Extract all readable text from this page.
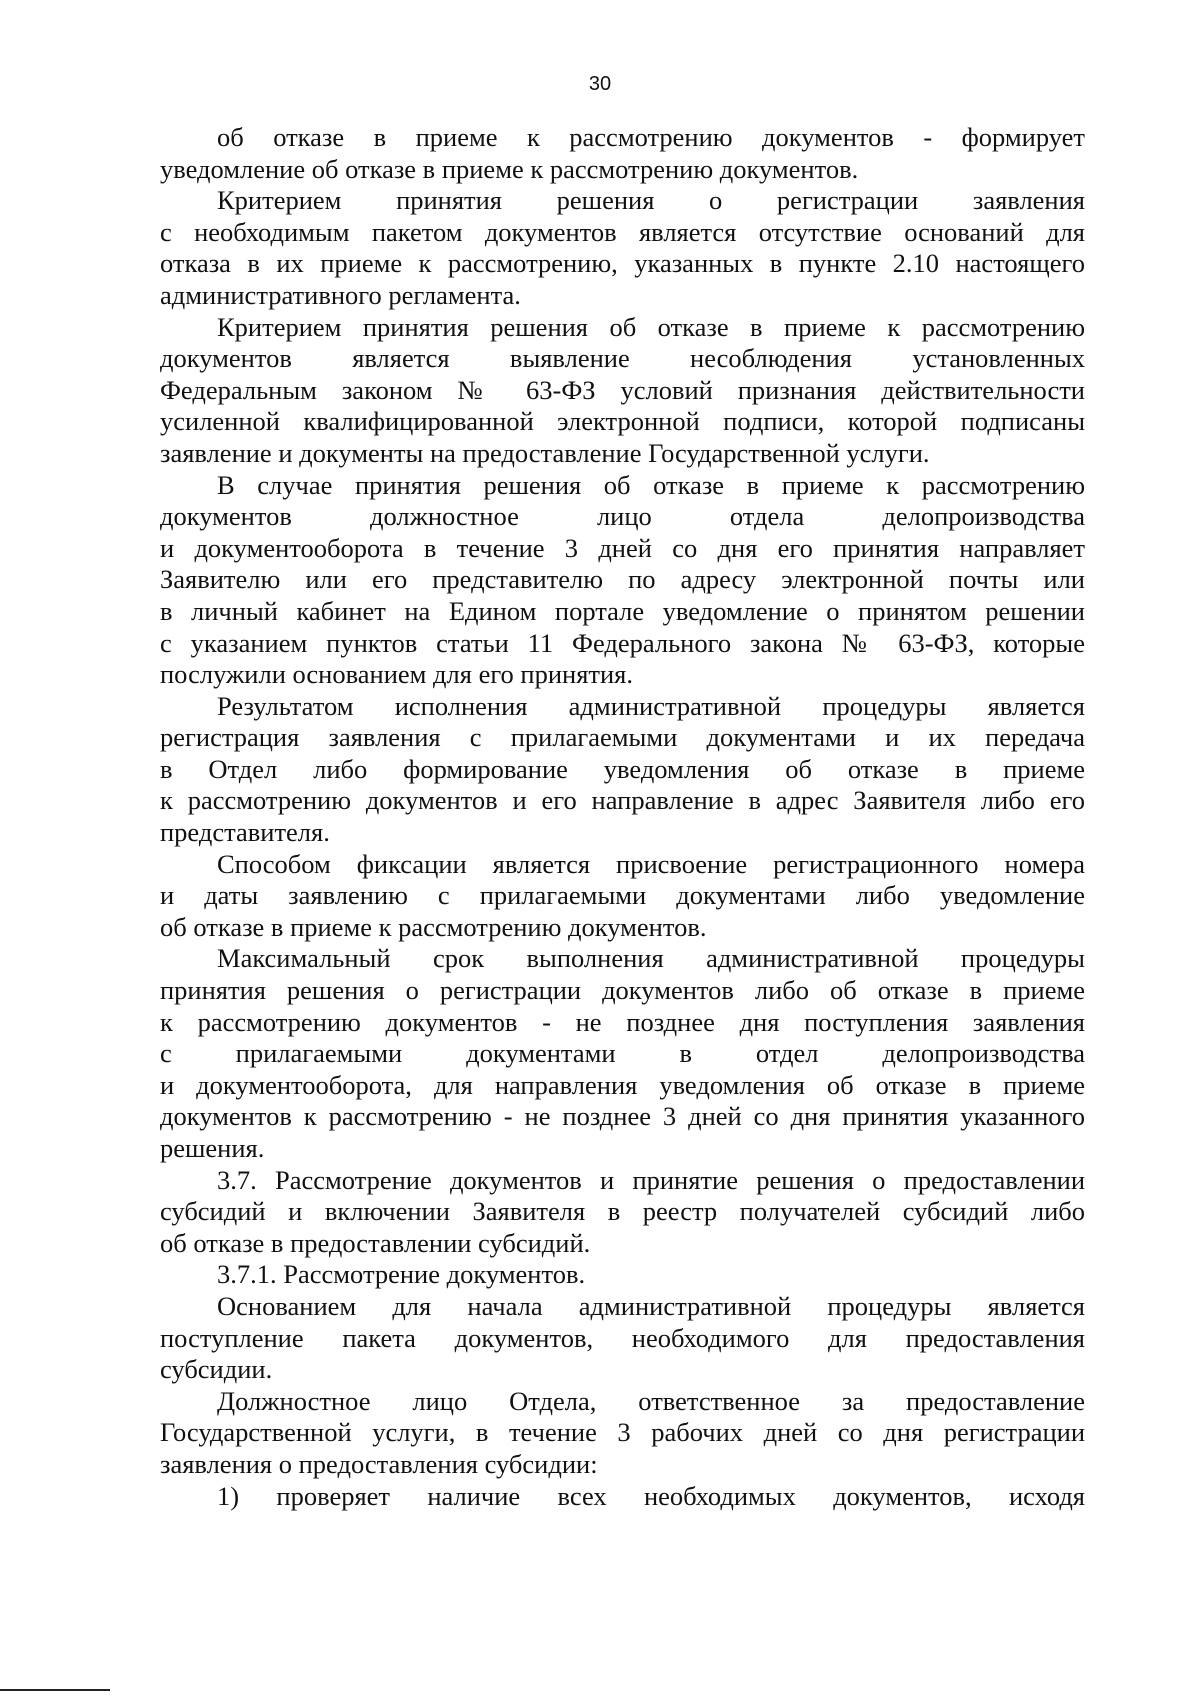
30
об отказе в приеме к рассмотрению документов - формирует
уведомление об отказе в приеме к рассмотрению документов.
Критерием принятия решения о регистрации заявления
с необходимым пакетом документов является отсутствие оснований для
отказа в их приеме к рассмотрению, указанных в пункте 2.10 настоящего
административного регламента.
Критерием принятия решения об отказе в приеме к рассмотрению
документов является выявление несоблюдения установленных
Федеральным законом № 63-ФЗ условий признания действительности
усиленной квалифицированной электронной подписи, которой подписаны
заявление и документы на предоставление Государственной услуги.
В случае принятия решения об отказе в приеме к рассмотрению
документов должностное лицо отдела делопроизводства
и документооборота в течение 3 дней со дня его принятия направляет
Заявителю или его представителю по адресу электронной почты или
в личный кабинет на Едином портале уведомление о принятом решении
с указанием пунктов статьи 11 Федерального закона № 63-ФЗ, которые
послужили основанием для его принятия.
Результатом исполнения административной процедуры является
регистрация заявления с прилагаемыми документами и их передача
в Отдел либо формирование уведомления об отказе в приеме
к рассмотрению документов и его направление в адрес Заявителя либо его
представителя.
Способом фиксации является присвоение регистрационного номера
и даты заявлению с прилагаемыми документами либо уведомление
об отказе в приеме к рассмотрению документов.
Максимальный срок выполнения административной процедуры
принятия решения о регистрации документов либо об отказе в приеме
к рассмотрению документов - не позднее дня поступления заявления
с прилагаемыми документами в отдел делопроизводства
и документооборота, для направления уведомления об отказе в приеме
документов к рассмотрению - не позднее 3 дней со дня принятия указанного
решения.
3.7. Рассмотрение документов и принятие решения о предоставлении
субсидий и включении Заявителя в реестр получателей субсидий либо
об отказе в предоставлении субсидий.
3.7.1. Рассмотрение документов.
Основанием для начала административной процедуры является
поступление пакета документов, необходимого для предоставления
субсидии.
Должностное лицо Отдела, ответственное за предоставление
Государственной услуги, в течение 3 рабочих дней со дня регистрации
заявления о предоставления субсидии:
1) проверяет наличие всех необходимых документов, исходя
